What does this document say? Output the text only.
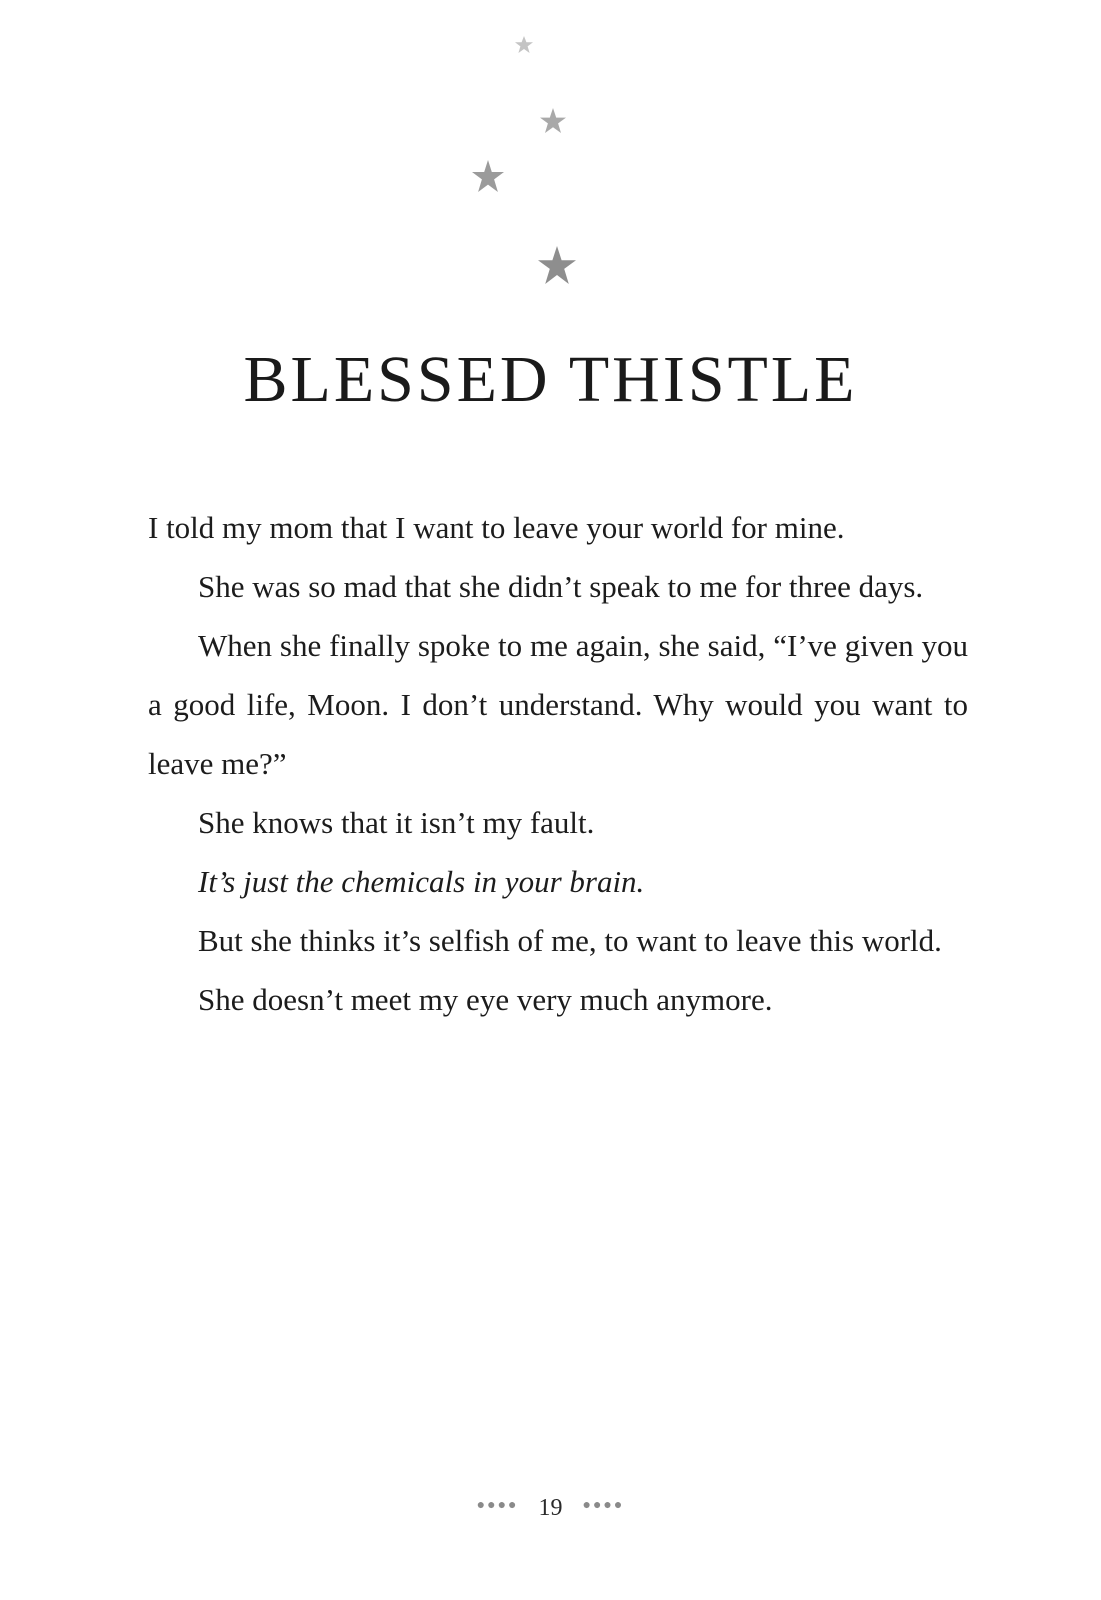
BLESSED THISTLE

I told my mom that I want to leave your world for mine.

She was so mad that she didn’t speak to me for three days.

When she finally spoke to me again, she said, “I’ve given you a good life, Moon. I don’t understand. Why would you want to leave me?”

She knows that it isn’t my fault.

It’s just the chemicals in your brain.

But she thinks it’s selfish of me, to want to leave this world.

She doesn’t meet my eye very much anymore.

●●●● 19 ●●●●
